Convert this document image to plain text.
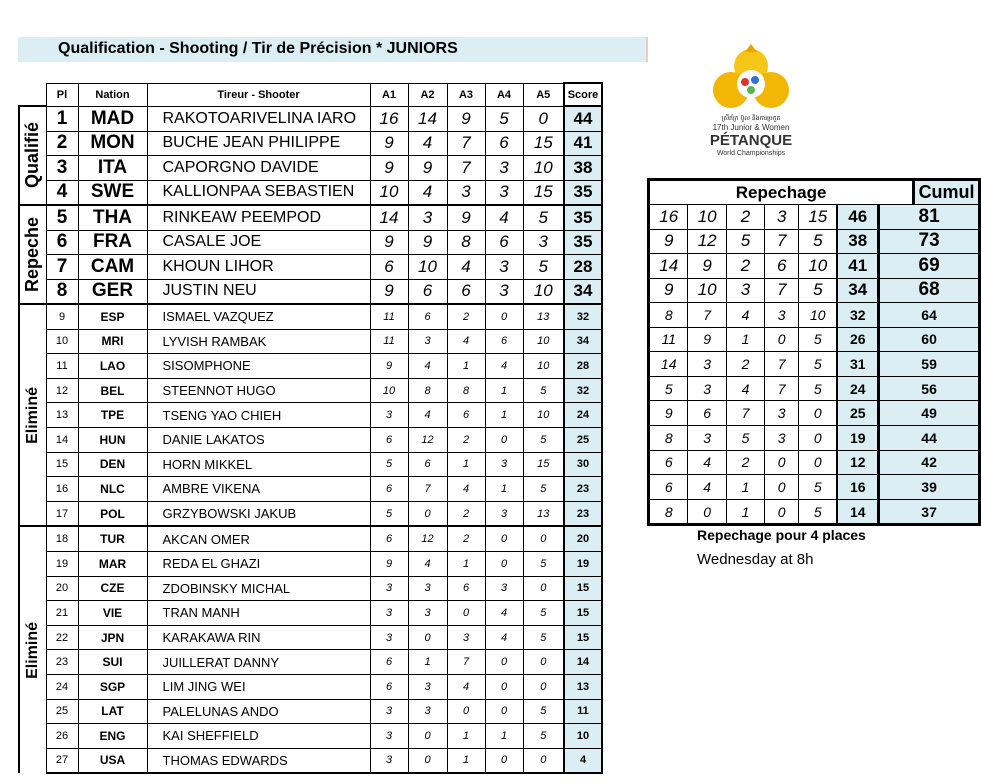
Qualification - Shooting / Tir de Précision * JUNIORS
ស្រីភ័ក្រ ប៊ូល និងការប្រកួត
17th Junior & Women
PÉTANQUE
World Championships
	Pl	Nation	Tireur - Shooter	A1	A2	A3	A4	A5	Score

Qualifié	1	MAD	RAKOTOARIVELINA IARO	16	14	9	5	0	44
	2	MON	BUCHE JEAN PHILIPPE	9	4	7	6	15	41
	3	ITA	CAPORGNO DAVIDE	9	9	7	3	10	38
	4	SWE	KALLIONPAA SEBASTIEN	10	4	3	3	15	35

Repeche	5	THA	RINKEAW PEEMPOD	14	3	9	4	5	35
	6	FRA	CASALE JOE	9	9	8	6	3	35
	7	CAM	KHOUN LIHOR	6	10	4	3	5	28
	8	GER	JUSTIN NEU	9	6	6	3	10	34

Eliminé	9	ESP	ISMAEL VAZQUEZ	11	6	2	0	13	32
	10	MRI	LYVISH RAMBAK	11	3	4	6	10	34
	11	LAO	SISOMPHONE	9	4	1	4	10	28
	12	BEL	STEENNOT HUGO	10	8	8	1	5	32
	13	TPE	TSENG YAO CHIEH	3	4	6	1	10	24
	14	HUN	DANIE LAKATOS	6	12	2	0	5	25
	15	DEN	HORN MIKKEL	5	6	1	3	15	30
	16	NLC	AMBRE VIKENA	6	7	4	1	5	23
	17	POL	GRZYBOWSKI JAKUB	5	0	2	3	13	23

Eliminé	18	TUR	AKCAN OMER	6	12	2	0	0	20
	19	MAR	REDA EL GHAZI	9	4	1	0	5	19
	20	CZE	ZDOBINSKY MICHAL	3	3	6	3	0	15
	21	VIE	TRAN MANH	3	3	0	4	5	15
	22	JPN	KARAKAWA RIN	3	0	3	4	5	15
	23	SUI	JUILLERAT DANNY	6	1	7	0	0	14
	24	SGP	LIM JING WEI	6	3	4	0	0	13
	25	LAT	PALELUNAS ANDO	3	3	0	0	5	11
	26	ENG	KAI SHEFFIELD	3	0	1	1	5	10
	27	USA	THOMAS EDWARDS	3	0	1	0	0	4
Repechage							Cumul
16	10	2	3	15	46	81	
9	12	5	7	5	38	73	
14	9	2	6	10	41	69	
9	10	3	7	5	34	68	
8	7	4	3	10	32	64	
11	9	1	0	5	26	60	
14	3	2	7	5	31	59	
5	3	4	7	5	24	56	
9	6	7	3	0	25	49	
8	3	5	3	0	19	44	
6	4	2	0	0	12	42	
6	4	1	0	5	16	39	
8	0	1	0	5	14	37	
Repechage pour 4 places
Wednesday at 8h
